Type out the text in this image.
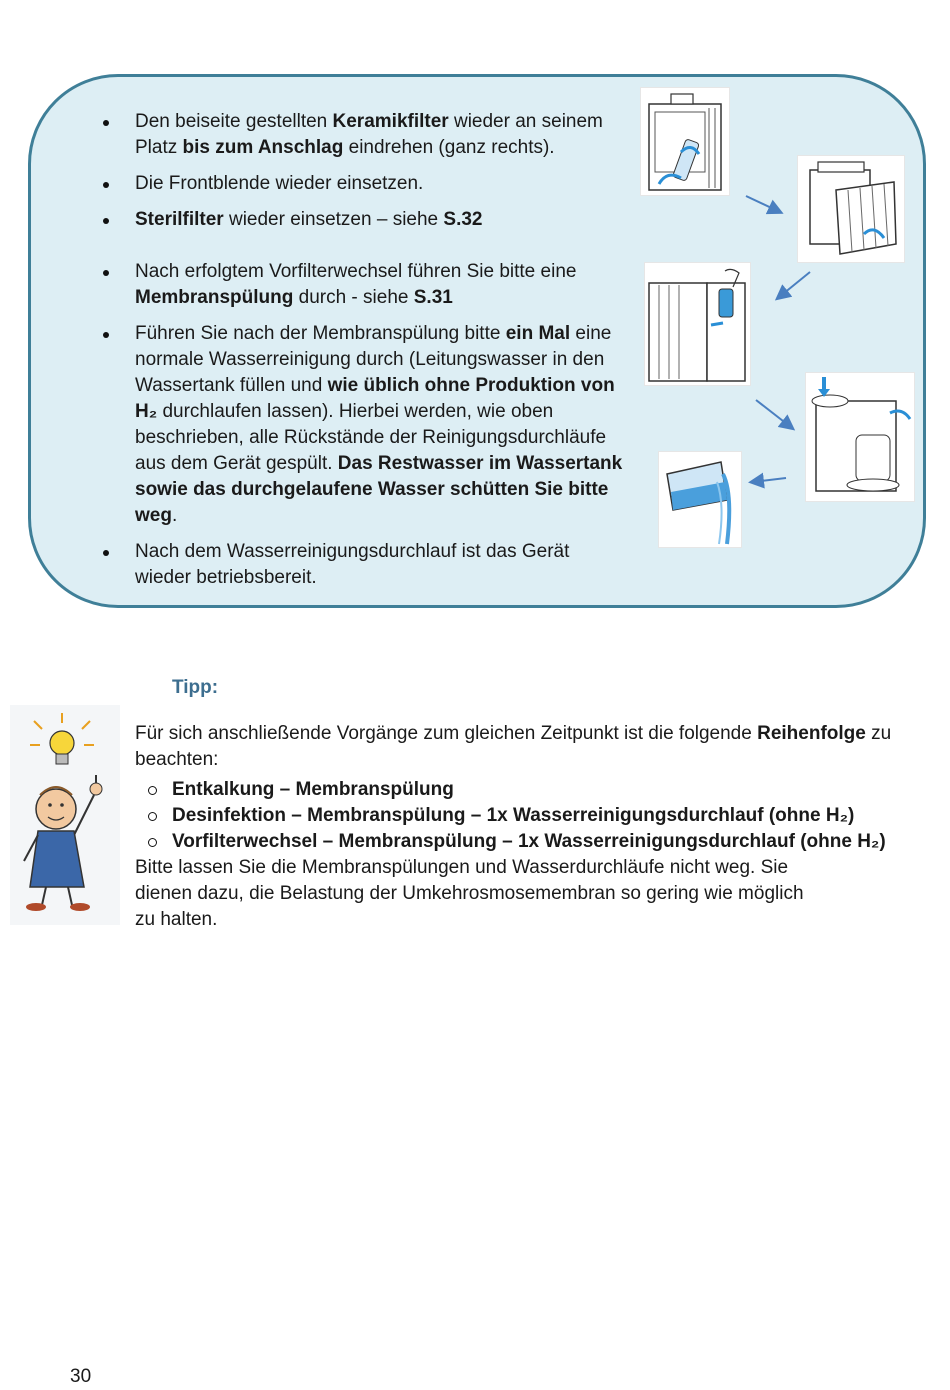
Den beiseite gestellten Keramikfilter wieder an seinem Platz bis zum Anschlag eindrehen (ganz rechts).
Die Frontblende wieder einsetzen.
Sterilfilter wieder einsetzen – siehe S.32
Nach erfolgtem Vorfilterwechsel führen Sie bitte eine Membranspülung durch - siehe S.31
Führen Sie nach der Membranspülung bitte ein Mal eine normale Wasserreinigung durch (Leitungswasser in den Wassertank füllen und wie üblich ohne Produktion von H₂ durchlaufen lassen). Hierbei werden, wie oben beschrieben, alle Rückstände der Reinigungsdurchläufe aus dem Gerät gespült. Das Restwasser im Wassertank sowie das durchgelaufene Wasser schütten Sie bitte weg.
Nach dem Wasserreinigungsdurchlauf ist das Gerät wieder betriebsbereit.
Tipp:
Für sich anschließende Vorgänge zum gleichen Zeitpunkt ist die folgende Reihenfolge zu beachten:
Entkalkung – Membranspülung
Desinfektion – Membranspülung – 1x Wasserreinigungsdurchlauf (ohne H₂)
Vorfilterwechsel – Membranspülung – 1x Wasserreinigungsdurchlauf (ohne H₂)
Bitte lassen Sie die Membranspülungen und Wasserdurchläufe nicht weg. Sie dienen dazu, die Belastung der Umkehrosmosemembran so gering wie möglich zu halten.
30
